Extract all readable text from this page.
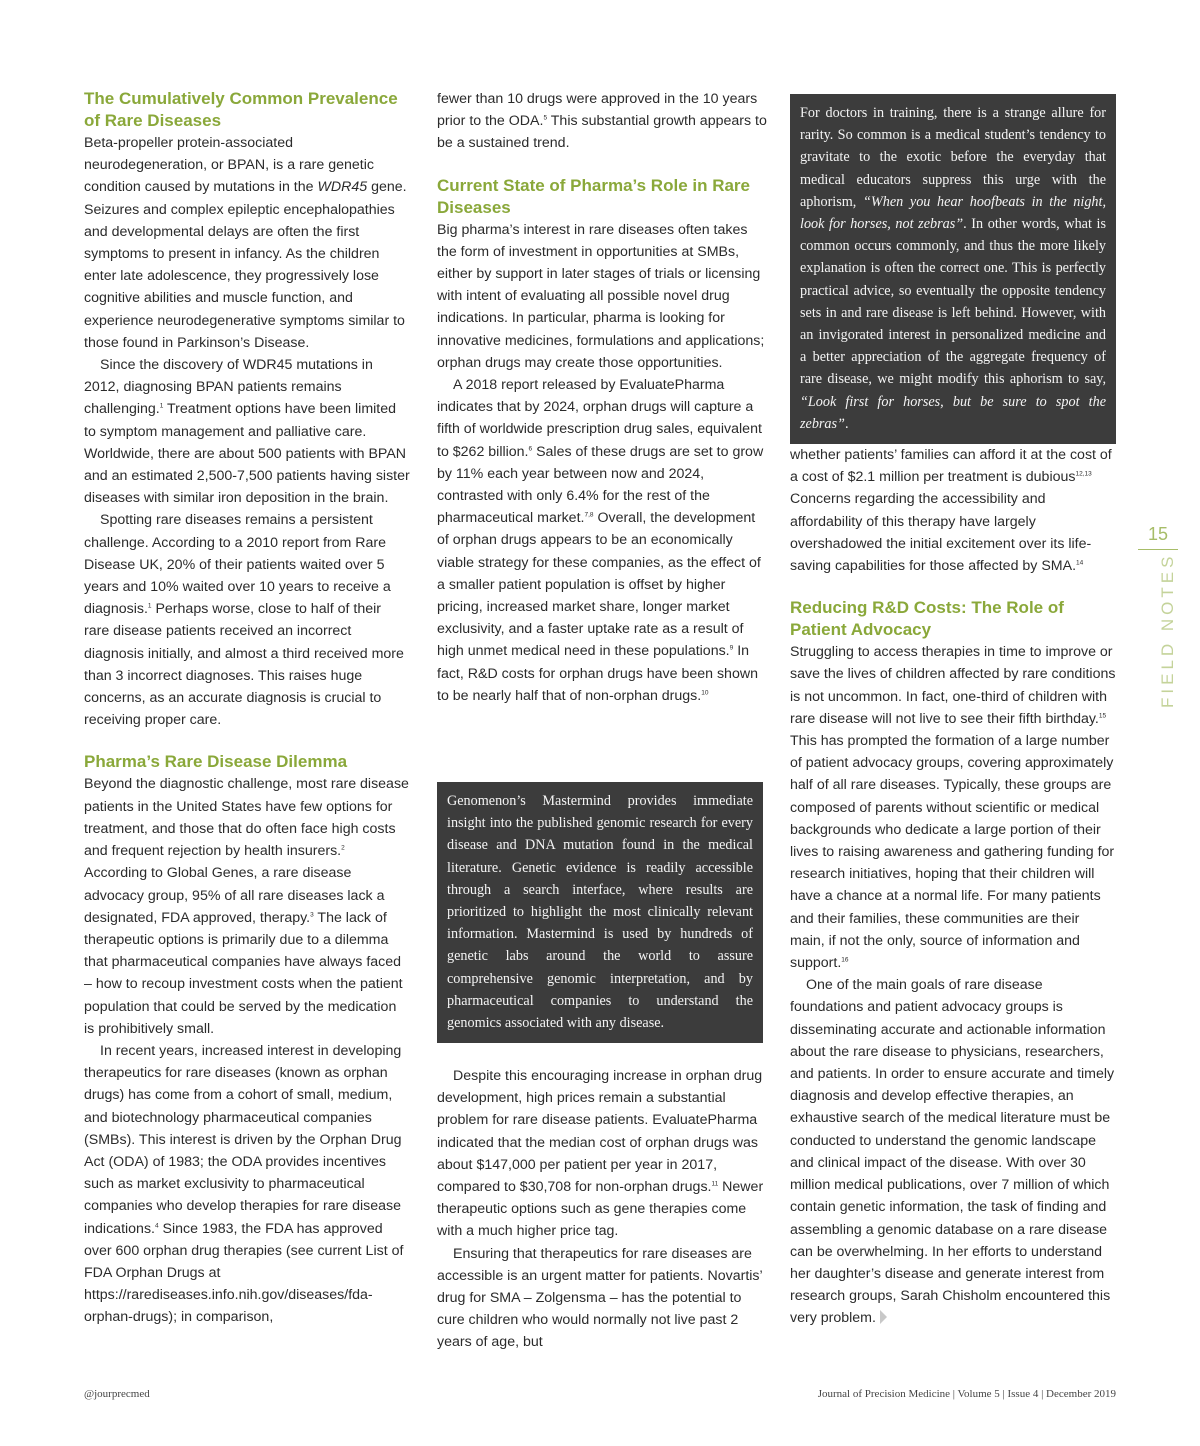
The Cumulatively Common Prevalence of Rare Diseases

Beta-propeller protein-associated neurodegeneration, or BPAN, is a rare genetic condition caused by mutations in the WDR45 gene. Seizures and complex epileptic encephalopathies and developmental delays are often the first symptoms to present in infancy. As the children enter late adolescence, they progressively lose cognitive abilities and muscle function, and experience neurodegenerative symptoms similar to those found in Parkinson’s Disease.

Since the discovery of WDR45 mutations in 2012, diagnosing BPAN patients remains challenging.$^1$ Treatment options have been limited to symptom management and palliative care. Worldwide, there are about 500 patients with BPAN and an estimated 2,500-7,500 patients having sister diseases with similar iron deposition in the brain.

Spotting rare diseases remains a persistent challenge. According to a 2010 report from Rare Disease UK, 20% of their patients waited over 5 years and 10% waited over 10 years to receive a diagnosis.$^1$ Perhaps worse, close to half of their rare disease patients received an incorrect diagnosis initially, and almost a third received more than 3 incorrect diagnoses. This raises huge concerns, as an accurate diagnosis is crucial to receiving proper care.

Pharma’s Rare Disease Dilemma

Beyond the diagnostic challenge, most rare disease patients in the United States have few options for treatment, and those that do often face high costs and frequent rejection by health insurers.$^2$ According to Global Genes, a rare disease advocacy group, 95% of all rare diseases lack a designated, FDA approved, therapy.$^3$ The lack of therapeutic options is primarily due to a dilemma that pharmaceutical companies have always faced – how to recoup investment costs when the patient population that could be served by the medication is prohibitively small.

In recent years, increased interest in developing therapeutics for rare diseases (known as orphan drugs) has come from a cohort of small, medium, and biotechnology pharmaceutical companies (SMBs). This interest is driven by the Orphan Drug Act (ODA) of 1983; the ODA provides incentives such as market exclusivity to pharmaceutical companies who develop therapies for rare disease indications.$^4$ Since 1983, the FDA has approved over 600 orphan drug therapies (see current List of FDA Orphan Drugs at https://rarediseases.info.nih.gov/diseases/fda-orphan-drugs); in comparison,

fewer than 10 drugs were approved in the 10 years prior to the ODA.$^5$ This substantial growth appears to be a sustained trend.

Current State of Pharma’s Role in Rare Diseases

Big pharma’s interest in rare diseases often takes the form of investment in opportunities at SMBs, either by support in later stages of trials or licensing with intent of evaluating all possible novel drug indications. In particular, pharma is looking for innovative medicines, formulations and applications; orphan drugs may create those opportunities.

A 2018 report released by EvaluatePharma indicates that by 2024, orphan drugs will capture a fifth of worldwide prescription drug sales, equivalent to $262 billion.$^6$ Sales of these drugs are set to grow by 11% each year between now and 2024, contrasted with only 6.4% for the rest of the pharmaceutical market.$^{7,8}$ Overall, the development of orphan drugs appears to be an economically viable strategy for these companies, as the effect of a smaller patient population is offset by higher pricing, increased market share, longer market exclusivity, and a faster uptake rate as a result of high unmet medical need in these populations.$^9$ In fact, R&D costs for orphan drugs have been shown to be nearly half that of non-orphan drugs.$^{10}$

Genomenon’s Mastermind provides immediate insight into the published genomic research for every disease and DNA mutation found in the medical literature. Genetic evidence is readily accessible through a search interface, where results are prioritized to highlight the most clinically relevant information. Mastermind is used by hundreds of genetic labs around the world to assure comprehensive genomic interpretation, and by pharmaceutical companies to understand the genomics associated with any disease.

Despite this encouraging increase in orphan drug development, high prices remain a substantial problem for rare disease patients. EvaluatePharma indicated that the median cost of orphan drugs was about $147,000 per patient per year in 2017, compared to $30,708 for non-orphan drugs.$^{11}$ Newer therapeutic options such as gene therapies come with a much higher price tag.

Ensuring that therapeutics for rare diseases are accessible is an urgent matter for patients. Novartis’ drug for SMA – Zolgensma – has the potential to cure children who would normally not live past 2 years of age, but

For doctors in training, there is a strange allure for rarity. So common is a medical student’s tendency to gravitate to the exotic before the everyday that medical educators suppress this urge with the aphorism, “When you hear hoofbeats in the night, look for horses, not zebras”. In other words, what is common occurs commonly, and thus the more likely explanation is often the correct one. This is perfectly practical advice, so eventually the opposite tendency sets in and rare disease is left behind. However, with an invigorated interest in personalized medicine and a better appreciation of the aggregate frequency of rare disease, we might modify this aphorism to say, “Look first for horses, but be sure to spot the zebras”.

whether patients’ families can afford it at the cost of a cost of $2.1 million per treatment is dubious$^{12,13}$ Concerns regarding the accessibility and affordability of this therapy have largely overshadowed the initial excitement over its life-saving capabilities for those affected by SMA.$^{14}$

Reducing R&D Costs: The Role of Patient Advocacy

Struggling to access therapies in time to improve or save the lives of children affected by rare conditions is not uncommon. In fact, one-third of children with rare disease will not live to see their fifth birthday.$^{15}$ This has prompted the formation of a large number of patient advocacy groups, covering approximately half of all rare diseases. Typically, these groups are composed of parents without scientific or medical backgrounds who dedicate a large portion of their lives to raising awareness and gathering funding for research initiatives, hoping that their children will have a chance at a normal life. For many patients and their families, these communities are their main, if not the only, source of information and support.$^{16}$

One of the main goals of rare disease foundations and patient advocacy groups is disseminating accurate and actionable information about the rare disease to physicians, researchers, and patients. In order to ensure accurate and timely diagnosis and develop effective therapies, an exhaustive search of the medical literature must be conducted to understand the genomic landscape and clinical impact of the disease. With over 30 million medical publications, over 7 million of which contain genetic information, the task of finding and assembling a genomic database on a rare disease can be overwhelming. In her efforts to understand her daughter’s disease and generate interest from research groups, Sarah Chisholm encountered this very problem.

15
FIELD NOTES
@jourprecmed	Journal of Precision Medicine | Volume 5 | Issue 4 | December 2019
